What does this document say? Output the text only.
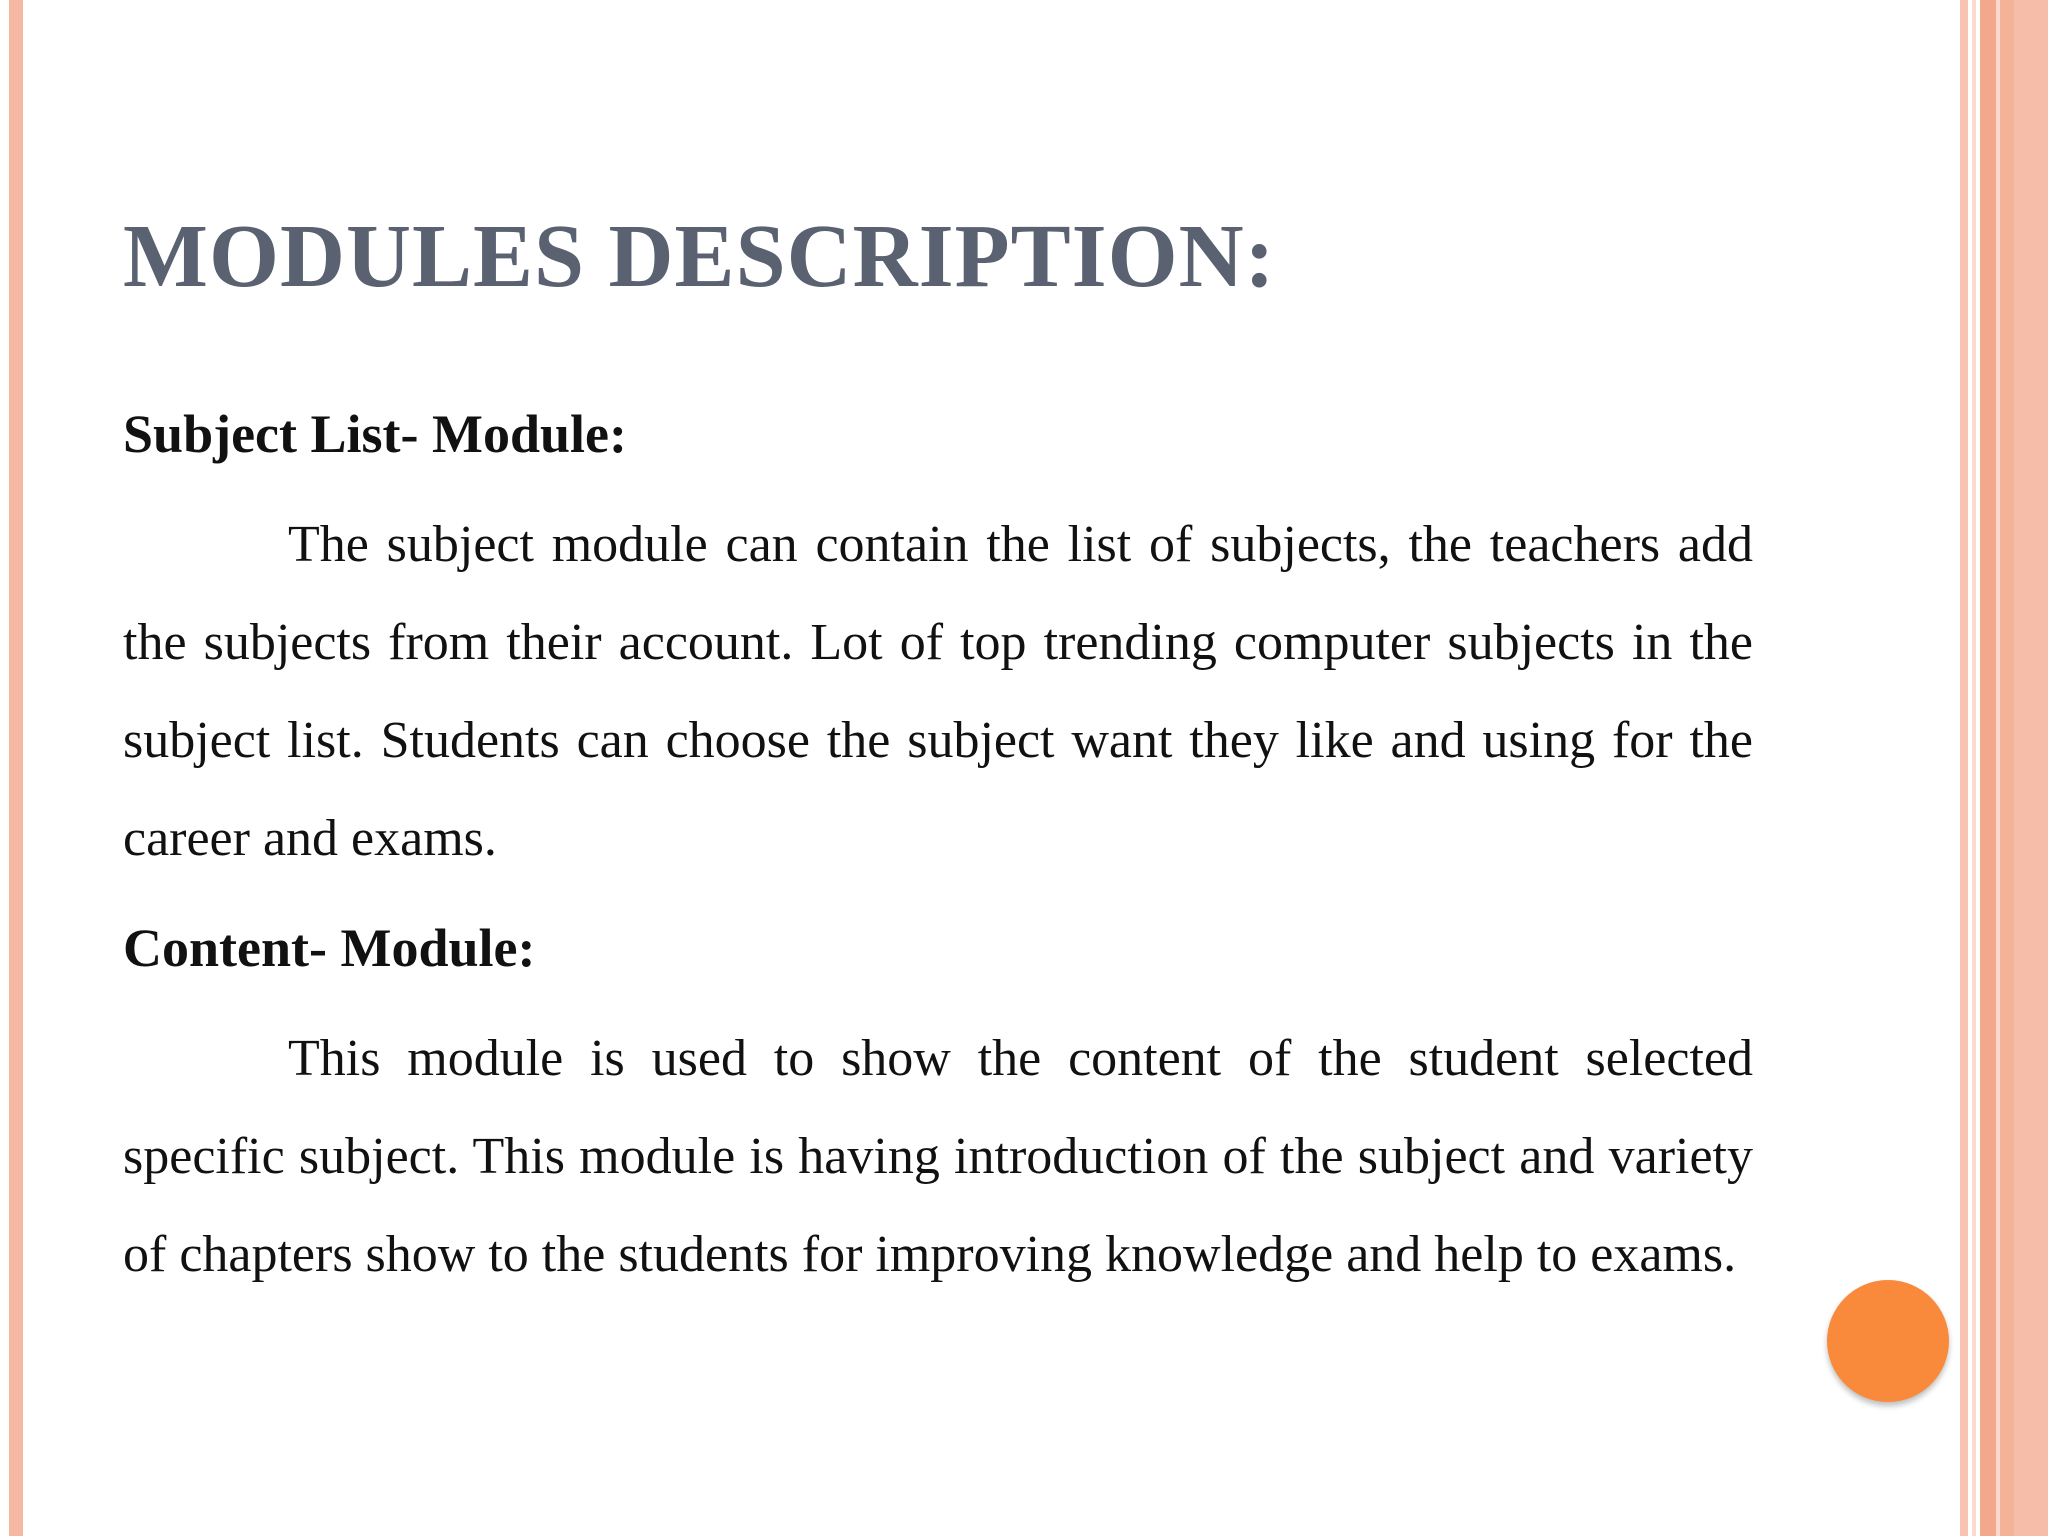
MODULES DESCRIPTION:
Subject List- Module:

The subject module can contain the list of subjects, the teachers add the subjects from their account. Lot of top trending computer subjects in the subject list. Students can choose the subject want they like and using for the career and exams.

Content- Module:

This module is used to show the content of the student selected specific subject. This module is having introduction of the subject and variety of chapters show to the students for improving knowledge and help to exams.
